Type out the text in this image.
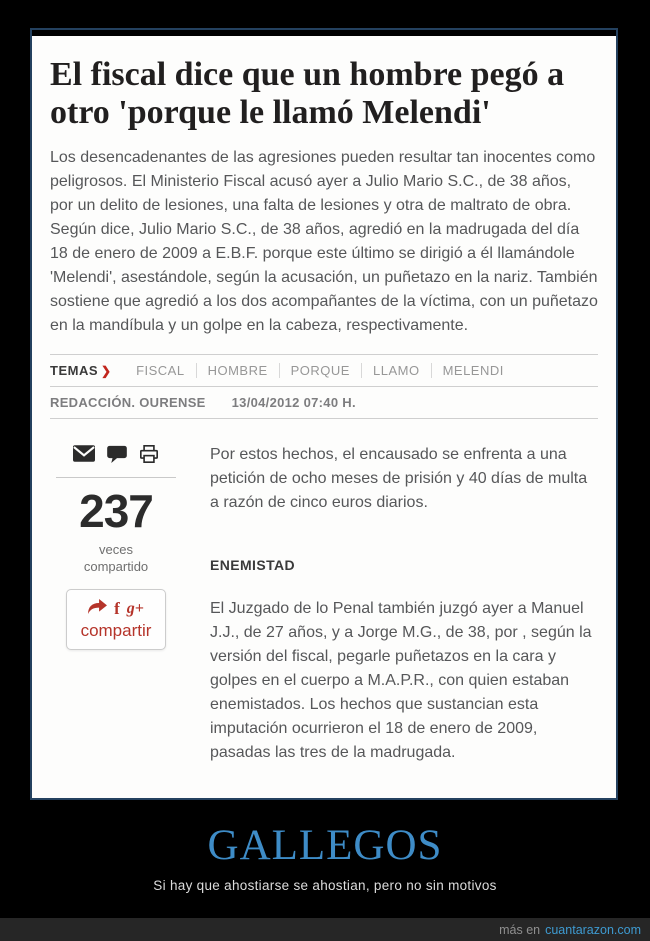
El fiscal dice que un hombre pegó a otro 'porque le llamó Melendi'

Los desencadenantes de las agresiones pueden resultar tan inocentes como peligrosos. El Ministerio Fiscal acusó ayer a Julio Mario S.C., de 38 años, por un delito de lesiones, una falta de lesiones y otra de maltrato de obra. Según dice, Julio Mario S.C., de 38 años, agredió en la madrugada del día 18 de enero de 2009 a E.B.F. porque este último se dirigió a él llamándole 'Melendi', asestándole, según la acusación, un puñetazo en la nariz. También sostiene que agredió a los dos acompañantes de la víctima, con un puñetazo en la mandíbula y un golpe en la cabeza, respectivamente.

TEMAS ❯	FISCAL	HOMBRE	PORQUE	LLAMO	MELENDI
REDACCIÓN. OURENSE 13/04/2012 07:40 H.
237
veces compartido
f g+
compartir

Por estos hechos, el encausado se enfrenta a una petición de ocho meses de prisión y 40 días de multa a razón de cinco euros diarios.

ENEMISTAD

El Juzgado de lo Penal también juzgó ayer a Manuel J.J., de 27 años, y a Jorge M.G., de 38, por , según la versión del fiscal, pegarle puñetazos en la cara y golpes en el cuerpo a M.A.P.R., con quien estaban enemistados. Los hechos que sustancian esta imputación ocurrieron el 18 de enero de 2009, pasadas las tres de la madrugada.

GALLEGOS
Si hay que ahostiarse se ahostian, pero no sin motivos
más en cuantarazon.com
